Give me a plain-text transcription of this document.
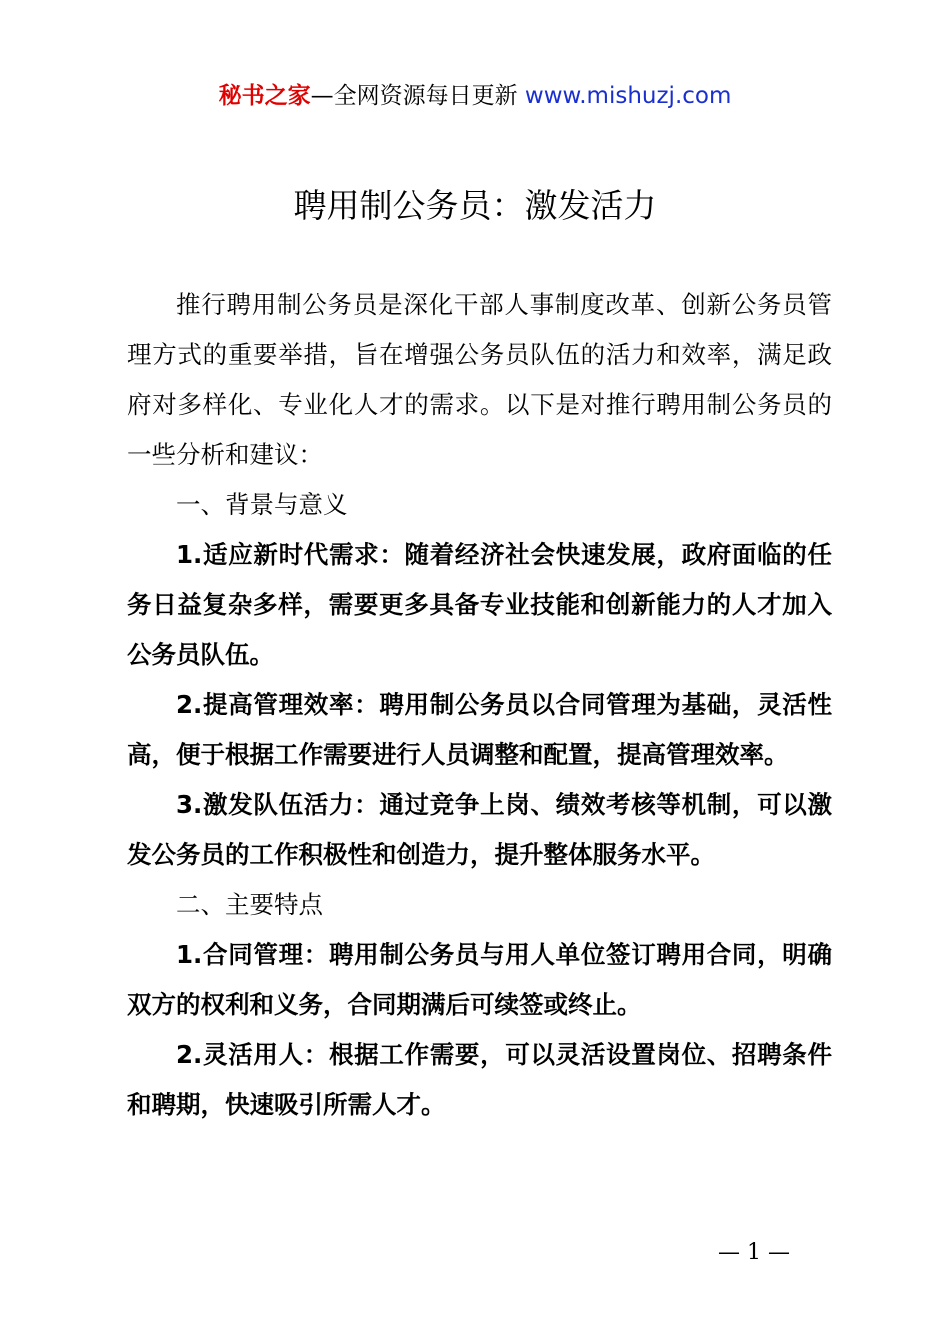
秘书之家—全网资源每日更新 www.mishuzj.com
聘用制公务员：激发活力

推行聘用制公务员是深化干部人事制度改革、创新公务员管理方式的重要举措，旨在增强公务员队伍的活力和效率，满足政府对多样化、专业化人才的需求。以下是对推行聘用制公务员的一些分析和建议：

一、背景与意义

1.适应新时代需求：随着经济社会快速发展，政府面临的任务日益复杂多样，需要更多具备专业技能和创新能力的人才加入公务员队伍。

2.提高管理效率：聘用制公务员以合同管理为基础，灵活性高，便于根据工作需要进行人员调整和配置，提高管理效率。

3.激发队伍活力：通过竞争上岗、绩效考核等机制，可以激发公务员的工作积极性和创造力，提升整体服务水平。

二、主要特点

1.合同管理：聘用制公务员与用人单位签订聘用合同，明确双方的权利和义务，合同期满后可续签或终止。

2.灵活用人：根据工作需要，可以灵活设置岗位、招聘条件和聘期，快速吸引所需人才。

— 1 —
